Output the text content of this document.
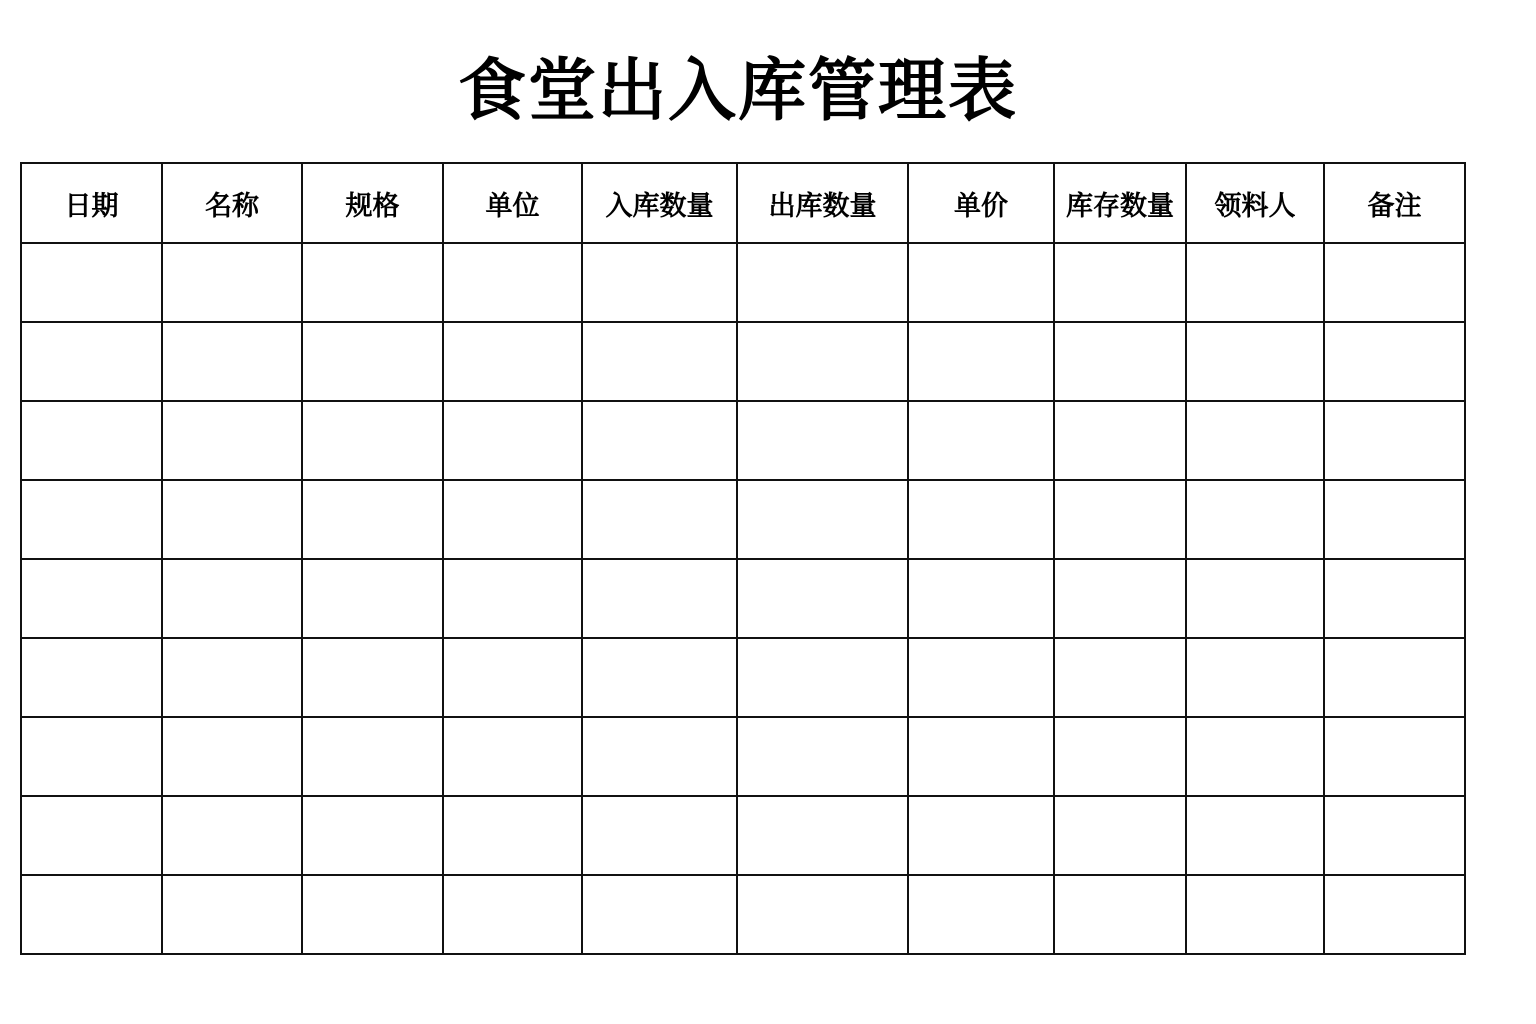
食堂出入库管理表
日期	名称	规格	单位	入库数量	出库数量	单价	库存数量	领料人	备注
